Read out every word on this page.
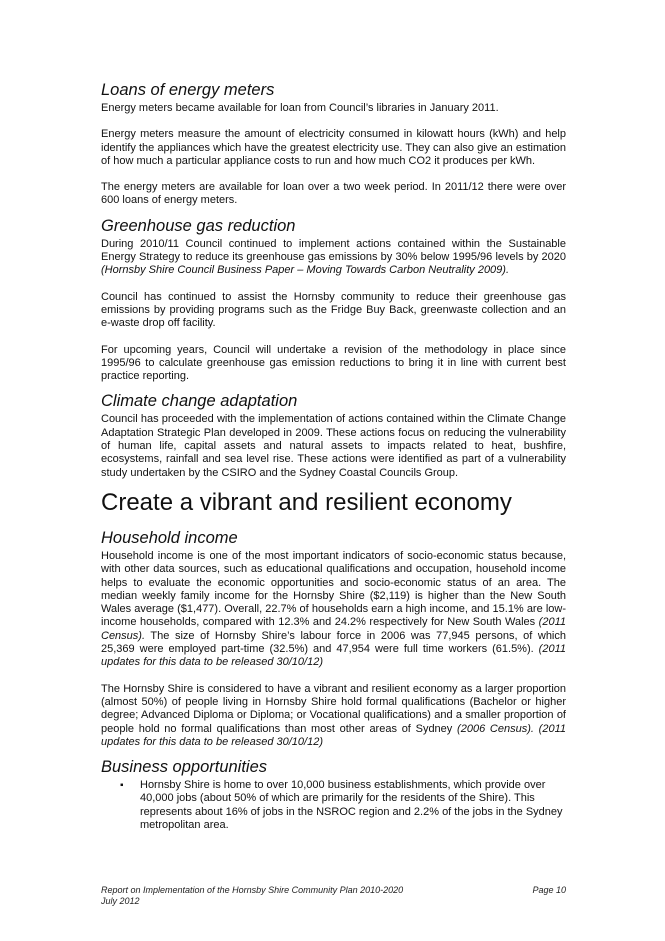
Loans of energy meters

Energy meters became available for loan from Council’s libraries in January 2011.

Energy meters measure the amount of electricity consumed in kilowatt hours (kWh) and help identify the appliances which have the greatest electricity use. They can also give an estimation of how much a particular appliance costs to run and how much CO2 it produces per kWh.

The energy meters are available for loan over a two week period. In 2011/12 there were over 600 loans of energy meters.

Greenhouse gas reduction

During 2010/11 Council continued to implement actions contained within the Sustainable Energy Strategy to reduce its greenhouse gas emissions by 30% below 1995/96 levels by 2020 (Hornsby Shire Council Business Paper – Moving Towards Carbon Neutrality 2009).

Council has continued to assist the Hornsby community to reduce their greenhouse gas emissions by providing programs such as the Fridge Buy Back, greenwaste collection and an e-waste drop off facility.

For upcoming years, Council will undertake a revision of the methodology in place since 1995/96 to calculate greenhouse gas emission reductions to bring it in line with current best practice reporting.

Climate change adaptation

Council has proceeded with the implementation of actions contained within the Climate Change Adaptation Strategic Plan developed in 2009. These actions focus on reducing the vulnerability of human life, capital assets and natural assets to impacts related to heat, bushfire, ecosystems, rainfall and sea level rise. These actions were identified as part of a vulnerability study undertaken by the CSIRO and the Sydney Coastal Councils Group.

Create a vibrant and resilient economy
Household income

Household income is one of the most important indicators of socio-economic status because, with other data sources, such as educational qualifications and occupation, household income helps to evaluate the economic opportunities and socio-economic status of an area. The median weekly family income for the Hornsby Shire ($2,119) is higher than the New South Wales average ($1,477). Overall, 22.7% of households earn a high income, and 15.1% are low-income households, compared with 12.3% and 24.2% respectively for New South Wales (2011 Census). The size of Hornsby Shire’s labour force in 2006 was 77,945 persons, of which 25,369 were employed part-time (32.5%) and 47,954 were full time workers (61.5%). (2011 updates for this data to be released 30/10/12)

The Hornsby Shire is considered to have a vibrant and resilient economy as a larger proportion (almost 50%) of people living in Hornsby Shire hold formal qualifications (Bachelor or higher degree; Advanced Diploma or Diploma; or Vocational qualifications) and a smaller proportion of people hold no formal qualifications than most other areas of Sydney (2006 Census). (2011 updates for this data to be released 30/10/12)

Business opportunities
▪ Hornsby Shire is home to over 10,000 business establishments, which provide over 40,000 jobs (about 50% of which are primarily for the residents of the Shire). This represents about 16% of jobs in the NSROC region and 2.2% of the jobs in the Sydney metropolitan area.
Report on Implementation of the Hornsby Shire Community Plan 2010-2020	Page 10
July 2012
